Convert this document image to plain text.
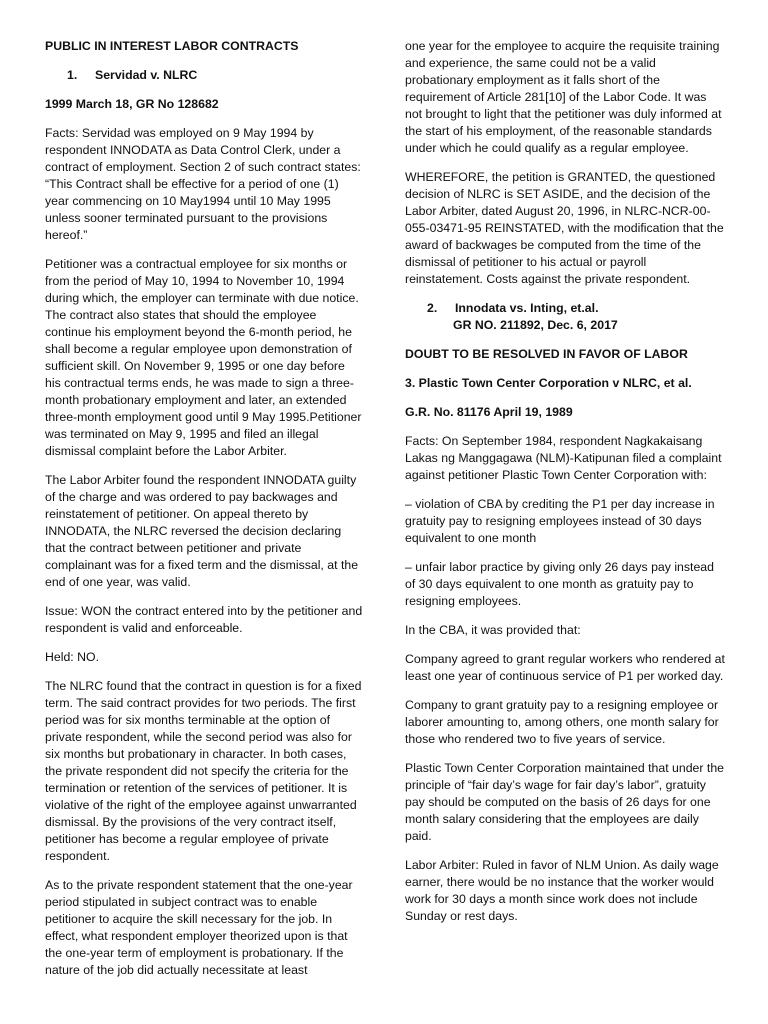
PUBLIC IN INTEREST LABOR CONTRACTS

1. Servidad v. NLRC

1999 March 18, GR No 128682

Facts: Servidad was employed on 9 May 1994 by respondent INNODATA as Data Control Clerk, under a contract of employment. Section 2 of such contract states: “This Contract shall be effective for a period of one (1) year commencing on 10 May1994 until 10 May 1995 unless sooner terminated pursuant to the provisions hereof.”

Petitioner was a contractual employee for six months or from the period of May 10, 1994 to November 10, 1994 during which, the employer can terminate with due notice. The contract also states that should the employee continue his employment beyond the 6-month period, he shall become a regular employee upon demonstration of sufficient skill. On November 9, 1995 or one day before his contractual terms ends, he was made to sign a three-month probationary employment and later, an extended three-month employment good until 9 May 1995.Petitioner was terminated on May 9, 1995 and filed an illegal dismissal complaint before the Labor Arbiter.

The Labor Arbiter found the respondent INNODATA guilty of the charge and was ordered to pay backwages and reinstatement of petitioner. On appeal thereto by INNODATA, the NLRC reversed the decision declaring that the contract between petitioner and private complainant was for a fixed term and the dismissal, at the end of one year, was valid.

Issue: WON the contract entered into by the petitioner and respondent is valid and enforceable.

Held: NO.

The NLRC found that the contract in question is for a fixed term. The said contract provides for two periods. The first period was for six months terminable at the option of private respondent, while the second period was also for six months but probationary in character. In both cases, the private respondent did not specify the criteria for the termination or retention of the services of petitioner. It is violative of the right of the employee against unwarranted dismissal. By the provisions of the very contract itself, petitioner has become a regular employee of private respondent.

As to the private respondent statement that the one-year period stipulated in subject contract was to enable petitioner to acquire the skill necessary for the job. In effect, what respondent employer theorized upon is that the one-year term of employment is probationary. If the nature of the job did actually necessitate at least

one year for the employee to acquire the requisite training and experience, the same could not be a valid probationary employment as it falls short of the requirement of Article 281[10] of the Labor Code. It was not brought to light that the petitioner was duly informed at the start of his employment, of the reasonable standards under which he could qualify as a regular employee.

WHEREFORE, the petition is GRANTED, the questioned decision of NLRC is SET ASIDE, and the decision of the Labor Arbiter, dated August 20, 1996, in NLRC-NCR-00-055-03471-95 REINSTATED, with the modification that the award of backwages be computed from the time of the dismissal of petitioner to his actual or payroll reinstatement. Costs against the private respondent.

2. Innodata vs. Inting, et.al.

GR NO. 211892, Dec. 6, 2017

DOUBT TO BE RESOLVED IN FAVOR OF LABOR

3. Plastic Town Center Corporation v NLRC, et al.

G.R. No. 81176 April 19, 1989

Facts: On September 1984, respondent Nagkakaisang Lakas ng Manggagawa (NLM)-Katipunan filed a complaint against petitioner Plastic Town Center Corporation with:

– violation of CBA by crediting the P1 per day increase in gratuity pay to resigning employees instead of 30 days equivalent to one month

– unfair labor practice by giving only 26 days pay instead of 30 days equivalent to one month as gratuity pay to resigning employees.

In the CBA, it was provided that:

Company agreed to grant regular workers who rendered at least one year of continuous service of P1 per worked day.

Company to grant gratuity pay to a resigning employee or laborer amounting to, among others, one month salary for those who rendered two to five years of service.

Plastic Town Center Corporation maintained that under the principle of “fair day’s wage for fair day’s labor”, gratuity pay should be computed on the basis of 26 days for one month salary considering that the employees are daily paid.

Labor Arbiter: Ruled in favor of NLM Union. As daily wage earner, there would be no instance that the worker would work for 30 days a month since work does not include Sunday or rest days.
